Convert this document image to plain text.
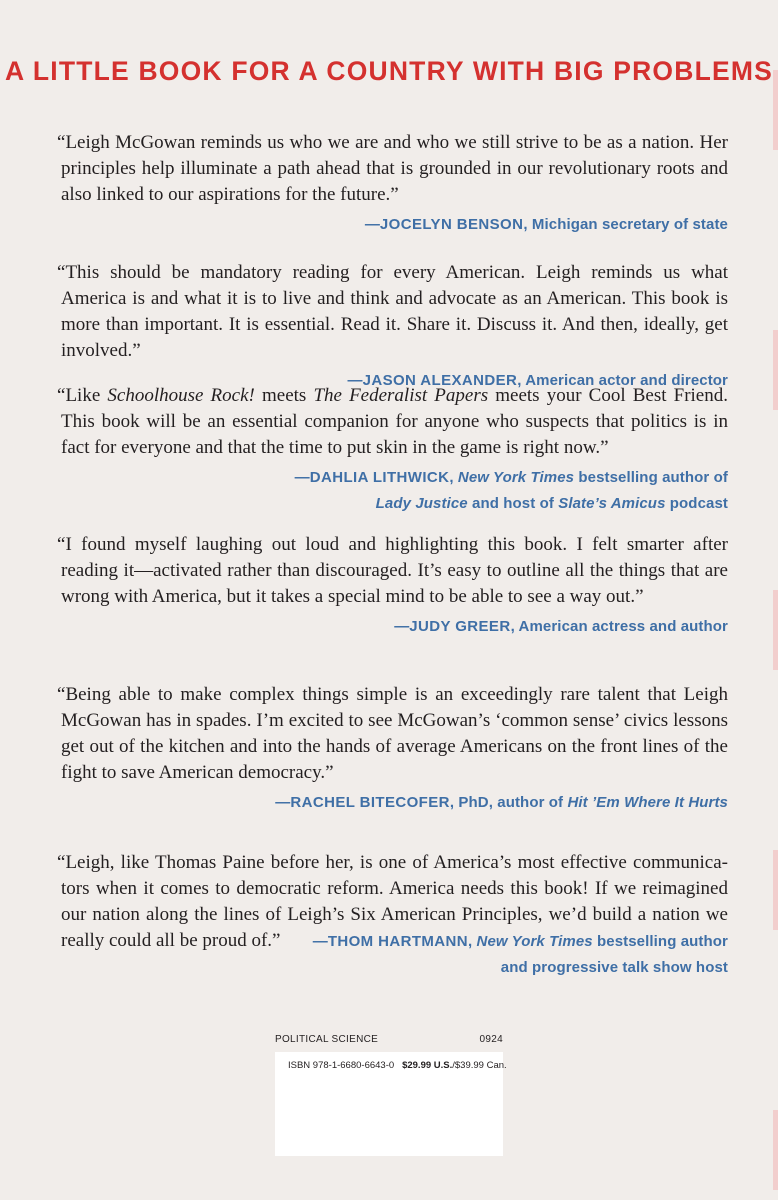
A LITTLE BOOK FOR A COUNTRY WITH BIG PROBLEMS

“Leigh McGowan reminds us who we are and who we still strive to be as a nation. Her principles help illuminate a path ahead that is grounded in our revolutionary roots and also linked to our aspirations for the future.”

—JOCELYN BENSON, Michigan secretary of state

“This should be mandatory reading for every American. Leigh reminds us what America is and what it is to live and think and advocate as an American. This book is more than important. It is essential. Read it. Share it. Discuss it. And then, ideally, get involved.”

—JASON ALEXANDER, American actor and director

“Like Schoolhouse Rock! meets The Federalist Papers meets your Cool Best Friend. This book will be an essential companion for anyone who suspects that politics is in fact for everyone and that the time to put skin in the game is right now.”

—DAHLIA LITHWICK, New York Times bestselling author of
Lady Justice and host of Slate’s Amicus podcast

“I found myself laughing out loud and highlighting this book. I felt smarter after reading it—activated rather than discouraged. It’s easy to outline all the things that are wrong with America, but it takes a special mind to be able to see a way out.”

—JUDY GREER, American actress and author

“Being able to make complex things simple is an exceedingly rare talent that Leigh McGowan has in spades. I’m excited to see McGowan’s ‘common sense’ civics lessons get out of the kitchen and into the hands of average Americans on the front lines of the fight to save American democracy.”

—RACHEL BITECOFER, PhD, author of Hit ’Em Where It Hurts

“Leigh, like Thomas Paine before her, is one of America’s most effective communica-tors when it comes to democratic reform. America needs this book! If we reimagined our nation along the lines of Leigh’s Six American Principles, we’d build a nation we

really could all be proud of.” —THOM HARTMANN, New York Times bestselling author
and progressive talk show host
POLITICAL SCIENCE	0924
ISBN 978-1-6680-6643-0 $29.99 U.S./$39.99 Can.
